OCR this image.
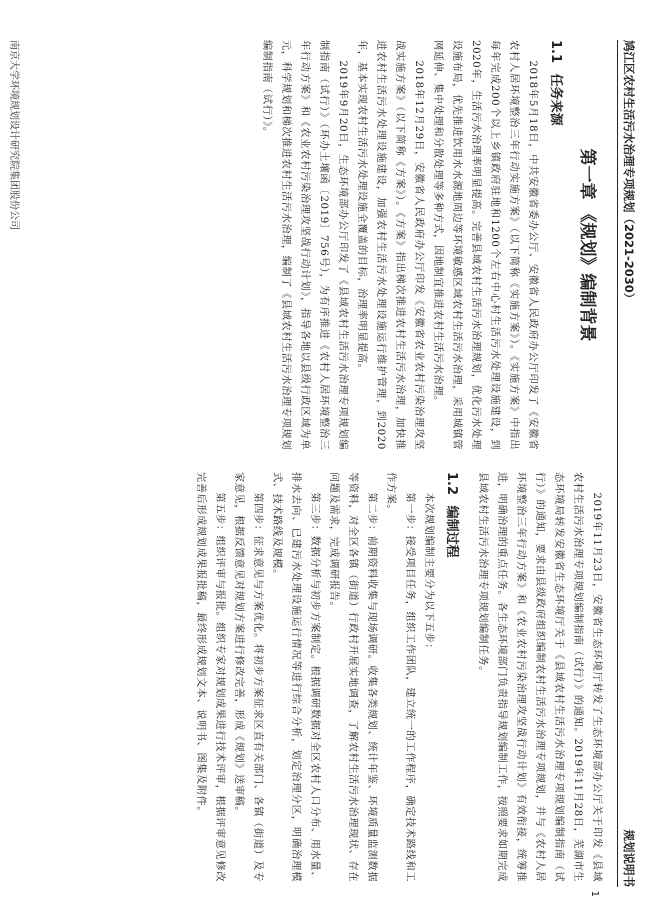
鸠江区农村生活污水治理专项规划（2021-2030）
规划说明书
1
第一章 《规划》编制背景
1.1 任务来源

2018年5月18日，中共安徽省委办公厅、安徽省人民政府办公厅印发了《安徽省农村人居环境整治三年行动实施方案》（以下简称《实施方案》）。《实施方案》中指出每年完成200个以上乡镇政府驻地和1200个左右中心村生活污水处理设施建设，到2020年，生活污水治理率明显提高。完善县域农村生活污水治理规划，优化污水处理设施布局，优先推进饮用水水源地周边等环境敏感区域农村生活污水治理，采用城镇管网延伸、集中处理和分散处理等多种方式，因地制宜推进农村生活污水治理。

2018年12月29日，安徽省人民政府办公厅印发《安徽省农业农村污染治理攻坚战实施方案》（以下简称《方案》）。《方案》指出梯次推进农村生活污水治理，加快推进农村生活污水处理设施建设，加强农村生活污水处理设施运行维护管理，到2020年，基本实现农村生活污水处理设施全覆盖的目标，治理率明显提高。

2019年9月20日，生态环境部办公厅印发了《县域农村生活污水治理专项规划编制指南（试行）》（环办土壤函〔2019〕756号），为有序推进《农村人居环境整治三年行动方案》和《农业农村污染治理攻坚战行动计划》，指导各地以县级行政区域为单元，科学规划和梯次推进农村生活污水治理，编制了《县域农村生活污水治理专项规划编制指南（试行）》。

2019年11月23日，安徽省生态环境厅转发了生态环境部办公厅关于印发《县域农村生活污水治理专项规划编制指南（试行）》的通知。2019年11月28日，芜湖市生态环境局转发安徽省生态环境厅关于《县域农村生活污水治理专项规划编制指南（试行）》的通知，要求由县级政府组织编制农村生活污水治理专项规划，并与《农村人居环境整治三年行动方案》和《农业农村污染治理攻坚战行动计划》有效衔接，统筹推进，明确治理的重点任务。各生态环境部门负责指导规划编制工作，按照要求如期完成县域农村生活污水治理专项规划编制任务。

1.2 编制过程

本次规划编制主要分为以下五步：

第一步：接受项目任务，组织工作团队，建立统一的工作程序，确定技术路线和工作方案。
第二步：前期资料收集与现场调研。收集各类规划、统计年鉴、环境质量监测数据等资料，对全区各镇（街道）行政村开展实地调查，了解农村生活污水治理现状、存在问题及需求，完成调研报告。
第三步：数据分析与初步方案制定。根据调研数据对全区农村人口分布、用水量、排水去向、已建污水处理设施运行情况等进行综合分析，划定治理分区，明确治理模式、技术路线及规模。
第四步：征求意见与方案优化。将初步方案征求区直有关部门、各镇（街道）及专家意见，根据反馈意见对规划方案进行修改完善，形成《规划》送审稿。
第五步：组织评审与报批。组织专家对规划成果进行技术评审，根据评审意见修改完善后形成规划成果报批稿，最终形成规划文本、说明书、图集及附件。
南京大学环境规划设计研究院集团股份公司
